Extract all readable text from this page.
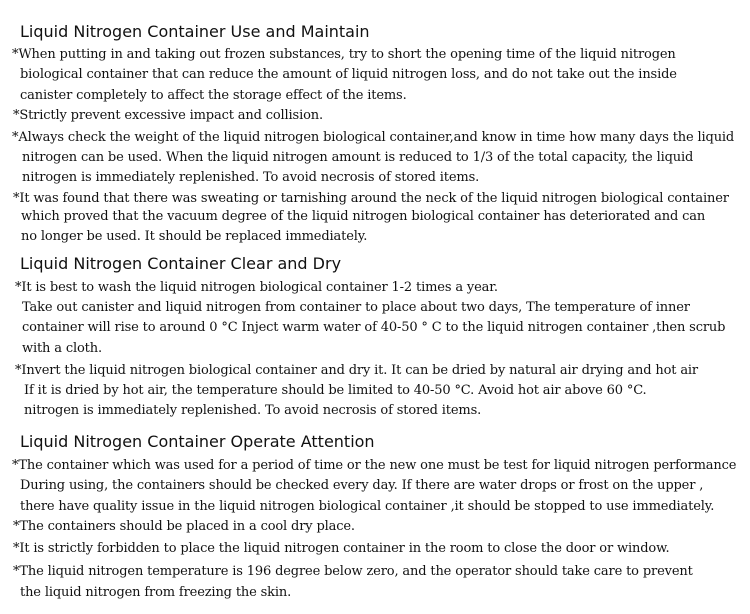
Liquid Nitrogen Container Use and Maintain
*When putting in and taking out frozen substances, try to short the opening time of the liquid nitrogen
biological container that can reduce the amount of liquid nitrogen loss, and do not take out the inside
canister completely to affect the storage effect of the items.
*Strictly prevent excessive impact and collision.
*Always check the weight of the liquid nitrogen biological container,and know in time how many days the liquid
nitrogen can be used. When the liquid nitrogen amount is reduced to 1/3 of the total capacity, the liquid
nitrogen is immediately replenished. To avoid necrosis of stored items.
*It was found that there was sweating or tarnishing around the neck of the liquid nitrogen biological container
which proved that the vacuum degree of the liquid nitrogen biological container has deteriorated and can
no longer be used. It should be replaced immediately.
Liquid Nitrogen Container Clear and Dry
*It is best to wash the liquid nitrogen biological container 1-2 times a year.
Take out canister and liquid nitrogen from container to place about two days, The temperature of inner
container will rise to around 0 °C Inject warm water of 40-50 ° C to the liquid nitrogen container ,then scrub
with a cloth.
*Invert the liquid nitrogen biological container and dry it. It can be dried by natural air drying and hot air
If it is dried by hot air, the temperature should be limited to 40-50 °C. Avoid hot air above 60 °C.
nitrogen is immediately replenished. To avoid necrosis of stored items.
Liquid Nitrogen Container Operate Attention
*The container which was used for a period of time or the new one must be test for liquid nitrogen performance
During using, the containers should be checked every day. If there are water drops or frost on the upper ,
there have quality issue in the liquid nitrogen biological container ,it should be stopped to use immediately.
*The containers should be placed in a cool dry place.
*It is strictly forbidden to place the liquid nitrogen container in the room to close the door or window.
*The liquid nitrogen temperature is 196 degree below zero, and the operator should take care to prevent
the liquid nitrogen from freezing the skin.
